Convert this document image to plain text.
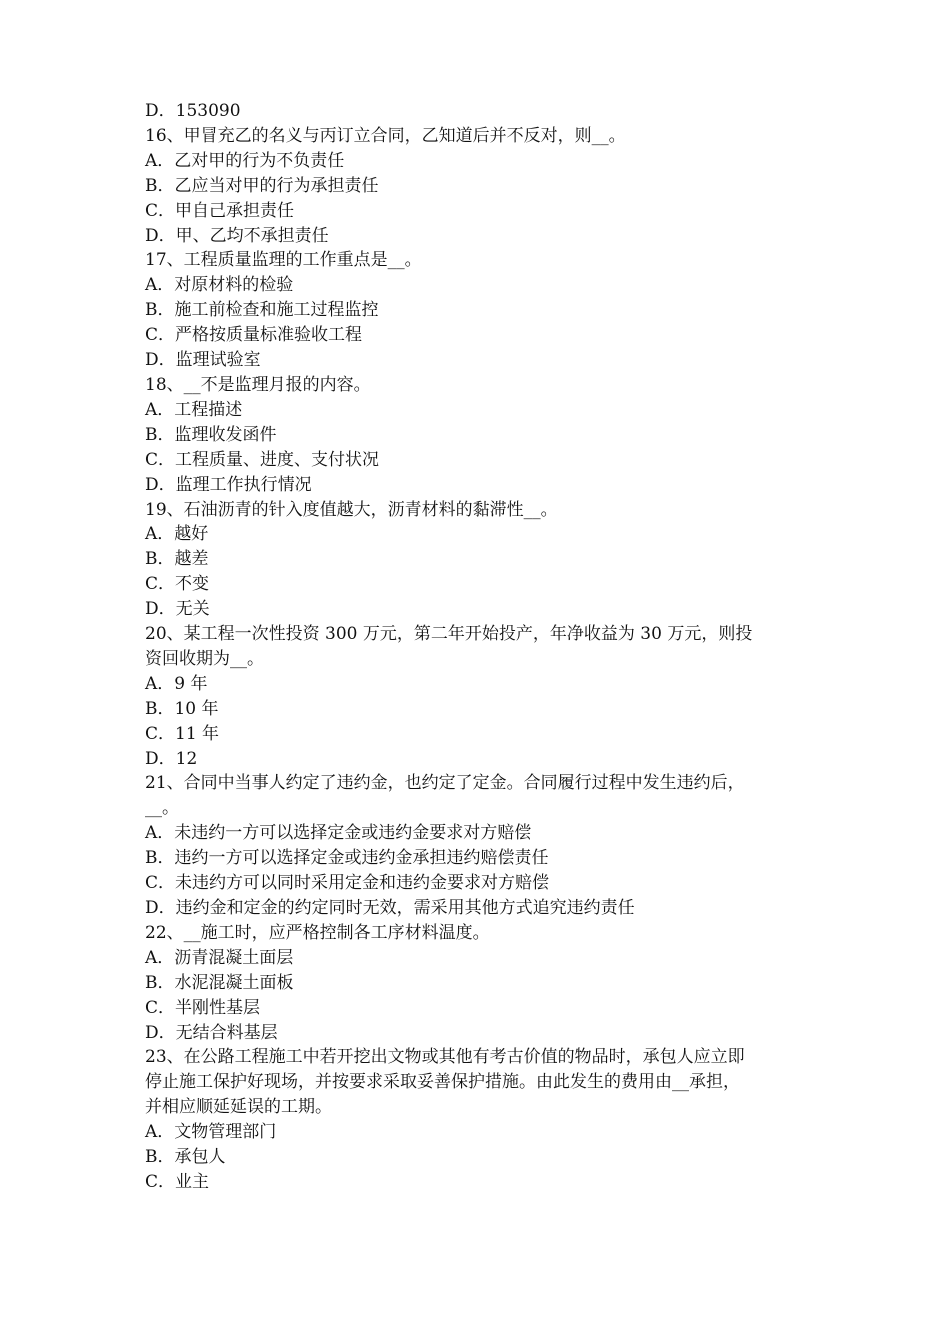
D．153090

16、甲冒充乙的名义与丙订立合同，乙知道后并不反对，则__。

A．乙对甲的行为不负责任

B．乙应当对甲的行为承担责任

C．甲自己承担责任

D．甲、乙均不承担责任

17、工程质量监理的工作重点是__。

A．对原材料的检验

B．施工前检查和施工过程监控

C．严格按质量标准验收工程

D．监理试验室

18、__不是监理月报的内容。

A．工程描述

B．监理收发函件

C．工程质量、进度、支付状况

D．监理工作执行情况

19、石油沥青的针入度值越大，沥青材料的黏滞性__。

A．越好

B．越差

C．不变

D．无关

20、某工程一次性投资 300 万元，第二年开始投产，年净收益为 30 万元，则投

资回收期为__。

A．9 年

B．10 年

C．11 年

D．12

21、合同中当事人约定了违约金，也约定了定金。合同履行过程中发生违约后，

__。

A．未违约一方可以选择定金或违约金要求对方赔偿

B．违约一方可以选择定金或违约金承担违约赔偿责任

C．未违约方可以同时采用定金和违约金要求对方赔偿

D．违约金和定金的约定同时无效，需采用其他方式追究违约责任

22、__施工时，应严格控制各工序材料温度。

A．沥青混凝土面层

B．水泥混凝土面板

C．半刚性基层

D．无结合料基层

23、在公路工程施工中若开挖出文物或其他有考古价值的物品时，承包人应立即

停止施工保护好现场，并按要求采取妥善保护措施。由此发生的费用由__承担，

并相应顺延延误的工期。

A．文物管理部门

B．承包人

C．业主
